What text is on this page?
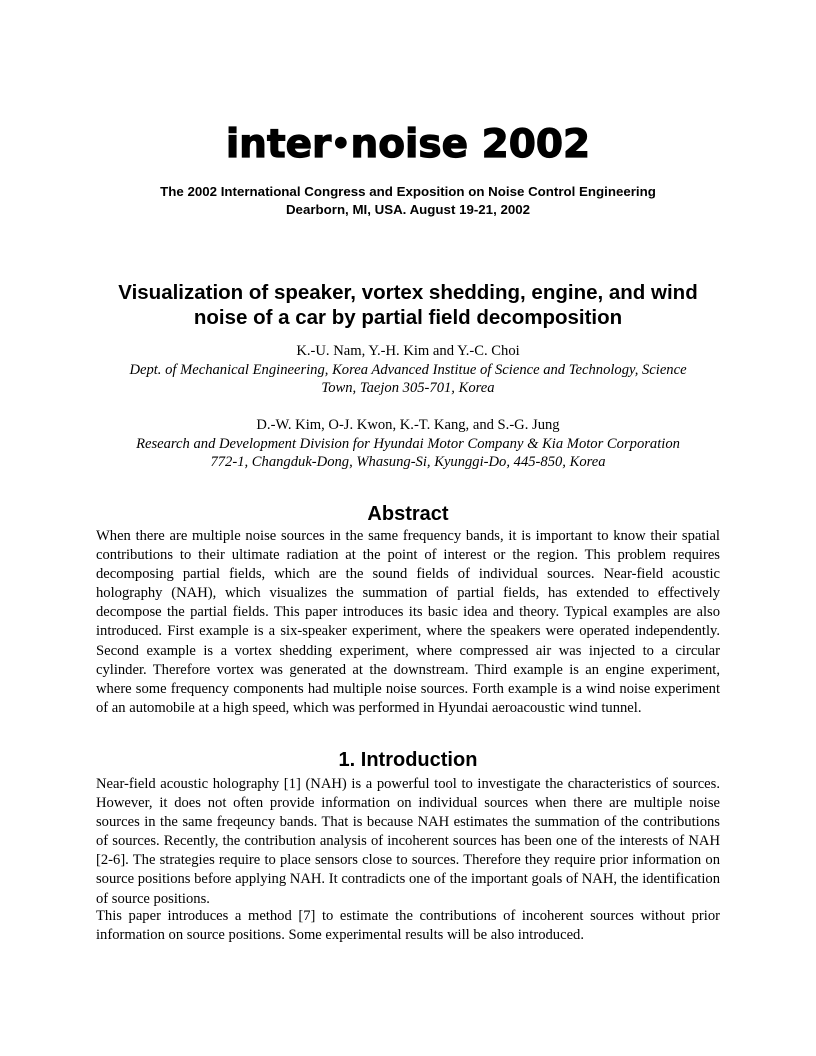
inter•noise 2002
The 2002 International Congress and Exposition on Noise Control Engineering
Dearborn, MI, USA. August 19-21, 2002
Visualization of speaker, vortex shedding, engine, and wind
noise of a car by partial field decomposition
K.-U. Nam, Y.-H. Kim and Y.-C. Choi
Dept. of Mechanical Engineering, Korea Advanced Institue of Science and Technology, Science
Town, Taejon 305-701, Korea
D.-W. Kim, O-J. Kwon, K.-T. Kang, and S.-G. Jung
Research and Development Division for Hyundai Motor Company & Kia Motor Corporation
772-1, Changduk-Dong, Whasung-Si, Kyunggi-Do, 445-850, Korea
Abstract

When there are multiple noise sources in the same frequency bands, it is important to know their spatial contributions to their ultimate radiation at the point of interest or the region. This problem requires decomposing partial fields, which are the sound fields of individual sources. Near-field acoustic holography (NAH), which visualizes the summation of partial fields, has extended to effectively decompose the partial fields. This paper introduces its basic idea and theory. Typical examples are also introduced. First example is a six-speaker experiment, where the speakers were operated independently. Second example is a vortex shedding experiment, where compressed air was injected to a circular cylinder. Therefore vortex was generated at the downstream. Third example is an engine experiment, where some frequency components had multiple noise sources. Forth example is a wind noise experiment of an automobile at a high speed, which was performed in Hyundai aeroacoustic wind tunnel.

1. Introduction

Near-field acoustic holography [1] (NAH) is a powerful tool to investigate the characteristics of sources. However, it does not often provide information on individual sources when there are multiple noise sources in the same freqeuncy bands. That is because NAH estimates the summation of the contributions of sources. Recently, the contribution analysis of incoherent sources has been one of the interests of NAH [2-6]. The strategies require to place sensors close to sources. Therefore they require prior information on source positions before applying NAH. It contradicts one of the important goals of NAH, the identification of source positions.

This paper introduces a method [7] to estimate the contributions of incoherent sources without prior information on source positions. Some experimental results will be also introduced.
